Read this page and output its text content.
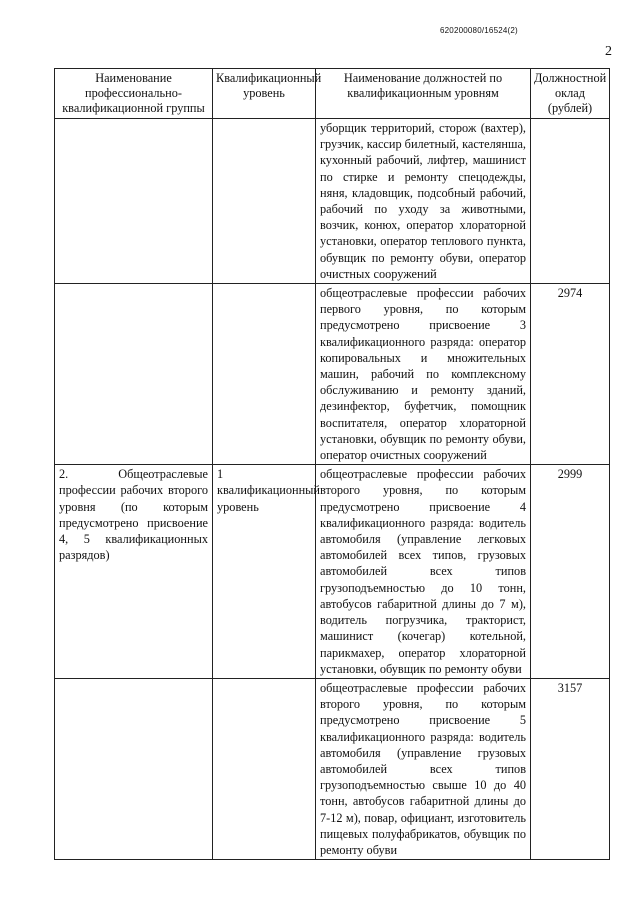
620200080/16524(2)
2
Наименование профессионально-квалификационной группы	Квалификационный уровень	Наименование должностей по квалификационным уровням	Должностной оклад (рублей)
		уборщик территорий, сторож (вахтер), грузчик, кассир билетный, кастелянша, кухонный рабочий, лифтер, машинист по стирке и ремонту спецодежды, няня, кладовщик, подсобный рабочий, рабочий по уходу за животными, возчик, конюх, оператор хлораторной установки, оператор теплового пункта, обувщик по ремонту обуви, оператор очистных сооружений	
		общеотраслевые профессии рабочих первого уровня, по которым предусмотрено присвоение 3 квалификационного разряда: оператор копировальных и множительных машин, рабочий по комплексному обслуживанию и ремонту зданий, дезинфектор, буфетчик, помощник воспитателя, оператор хлораторной установки, обувщик по ремонту обуви, оператор очистных сооружений	2974
2. Общеотраслевые профессии рабочих второго уровня (по которым предусмотрено присвоение 4, 5 квалификационных разрядов)	1 квалификационный уровень	общеотраслевые профессии рабочих второго уровня, по которым предусмотрено присвоение 4 квалификационного разряда: водитель автомобиля (управление легковых автомобилей всех типов, грузовых автомобилей всех типов грузоподъемностью до 10 тонн, автобусов габаритной длины до 7 м), водитель погрузчика, тракторист, машинист (кочегар) котельной, парикмахер, оператор хлораторной установки, обувщик по ремонту обуви	2999
		общеотраслевые профессии рабочих второго уровня, по которым предусмотрено присвоение 5 квалификационного разряда: водитель автомобиля (управление грузовых автомобилей всех типов грузоподъемностью свыше 10 до 40 тонн, автобусов габаритной длины до 7-12 м), повар, официант, изготовитель пищевых полуфабрикатов, обувщик по ремонту обуви	3157
